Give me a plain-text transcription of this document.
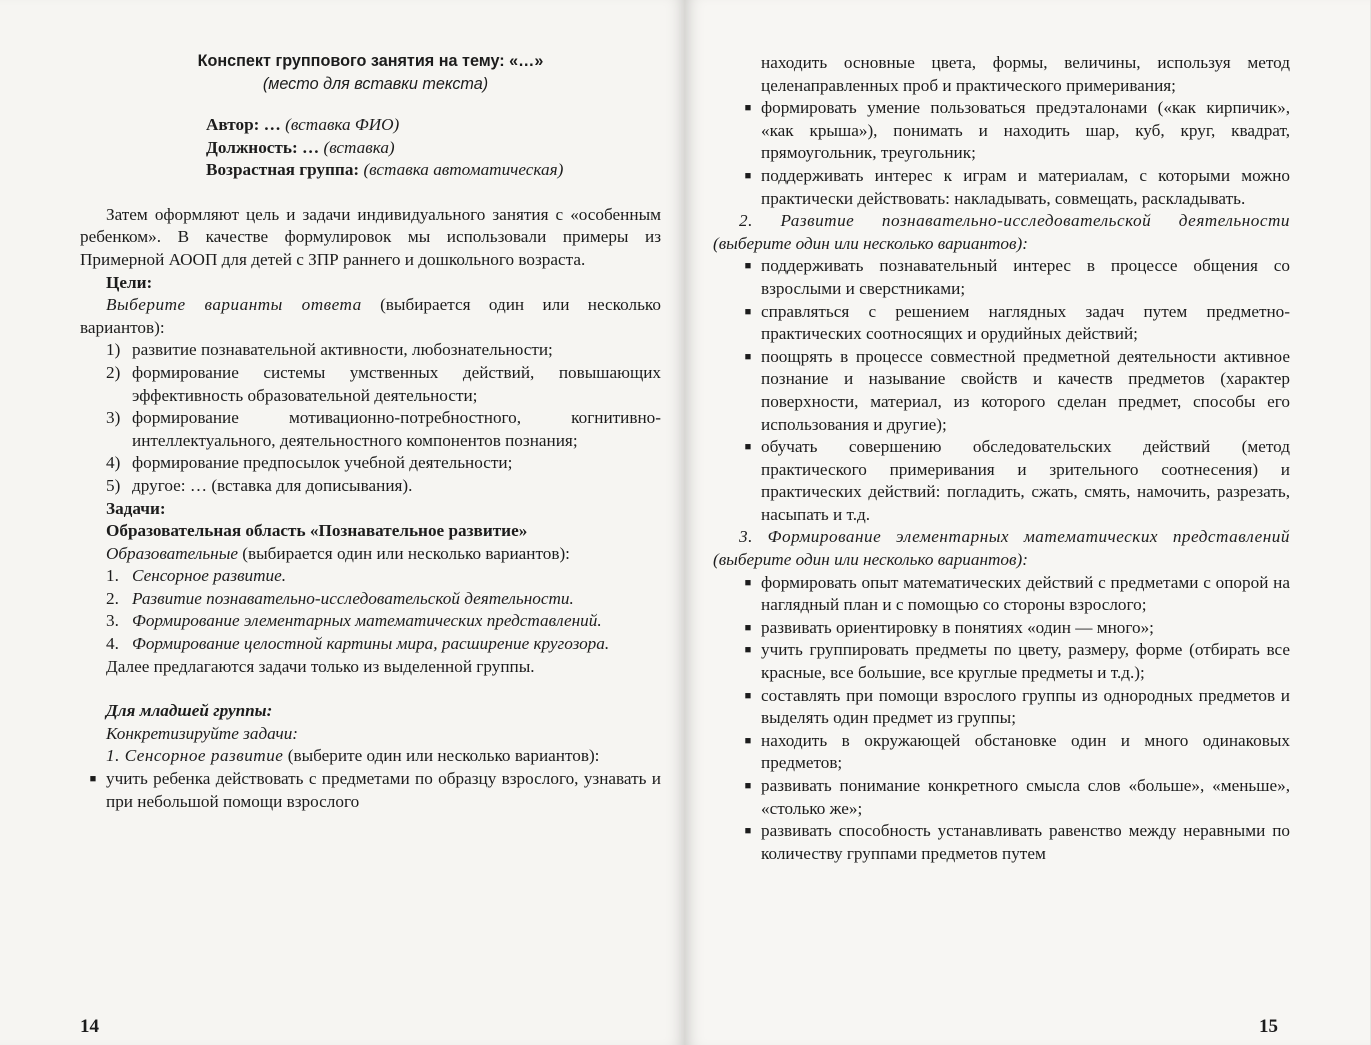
Конспект группового занятия на тему: «…»
(место для вставки текста)
Автор: … (вставка ФИО)
Должность: … (вставка)
Возрастная группа: (вставка автоматическая)

Затем оформляют цель и задачи индивидуального занятия с «особенным ребенком». В качестве формулировок мы использовали примеры из Примерной АООП для детей с ЗПР раннего и дошкольного возраста.

Цели:

Выберите варианты ответа (выбирается один или несколько вариантов):

1) развитие познавательной активности, любознательности;
2) формирование системы умственных действий, повышающих эффективность образовательной деятельности;
3) формирование мотивационно-потребностного, когнитивно-интеллектуального, деятельностного компонентов познания;
4) формирование предпосылок учебной деятельности;
5) другое: … (вставка для дописывания).

Задачи:

Образовательная область «Познавательное развитие»

Образовательные (выбирается один или несколько вариантов):

1. Сенсорное развитие.
2. Развитие познавательно-исследовательской деятельности.
3. Формирование элементарных математических представлений.
4. Формирование целостной картины мира, расширение кругозора.

Далее предлагаются задачи только из выделенной группы.

Для младшей группы:

Конкретизируйте задачи:

1. Сенсорное развитие (выберите один или несколько вариантов):

■ учить ребенка действовать с предметами по образцу взрослого, узнавать и при небольшой помощи взрослого
14

находить основные цвета, формы, величины, используя метод целенаправленных проб и практического примеривания;

■ формировать умение пользоваться предэталонами («как кирпичик», «как крыша»), понимать и находить шар, куб, круг, квадрат, прямоугольник, треугольник;
■ поддерживать интерес к играм и материалам, с которыми можно практически действовать: накладывать, совмещать, раскладывать.

2. Развитие познавательно-исследовательской деятельности (выберите один или несколько вариантов):

■ поддерживать познавательный интерес в процессе общения со взрослыми и сверстниками;
■ справляться с решением наглядных задач путем предметно-практических соотносящих и орудийных действий;
■ поощрять в процессе совместной предметной деятельности активное познание и называние свойств и качеств предметов (характер поверхности, материал, из которого сделан предмет, способы его использования и другие);
■ обучать совершению обследовательских действий (метод практического примеривания и зрительного соотнесения) и практических действий: погладить, сжать, смять, намочить, разрезать, насыпать и т.д.

3. Формирование элементарных математических представлений (выберите один или несколько вариантов):

■ формировать опыт математических действий с предметами с опорой на наглядный план и с помощью со стороны взрослого;
■ развивать ориентировку в понятиях «один — много»;
■ учить группировать предметы по цвету, размеру, форме (отбирать все красные, все большие, все круглые предметы и т.д.);
■ составлять при помощи взрослого группы из однородных предметов и выделять один предмет из группы;
■ находить в окружающей обстановке один и много одинаковых предметов;
■ развивать понимание конкретного смысла слов «больше», «меньше», «столько же»;
■ развивать способность устанавливать равенство между неравными по количеству группами предметов путем
15
